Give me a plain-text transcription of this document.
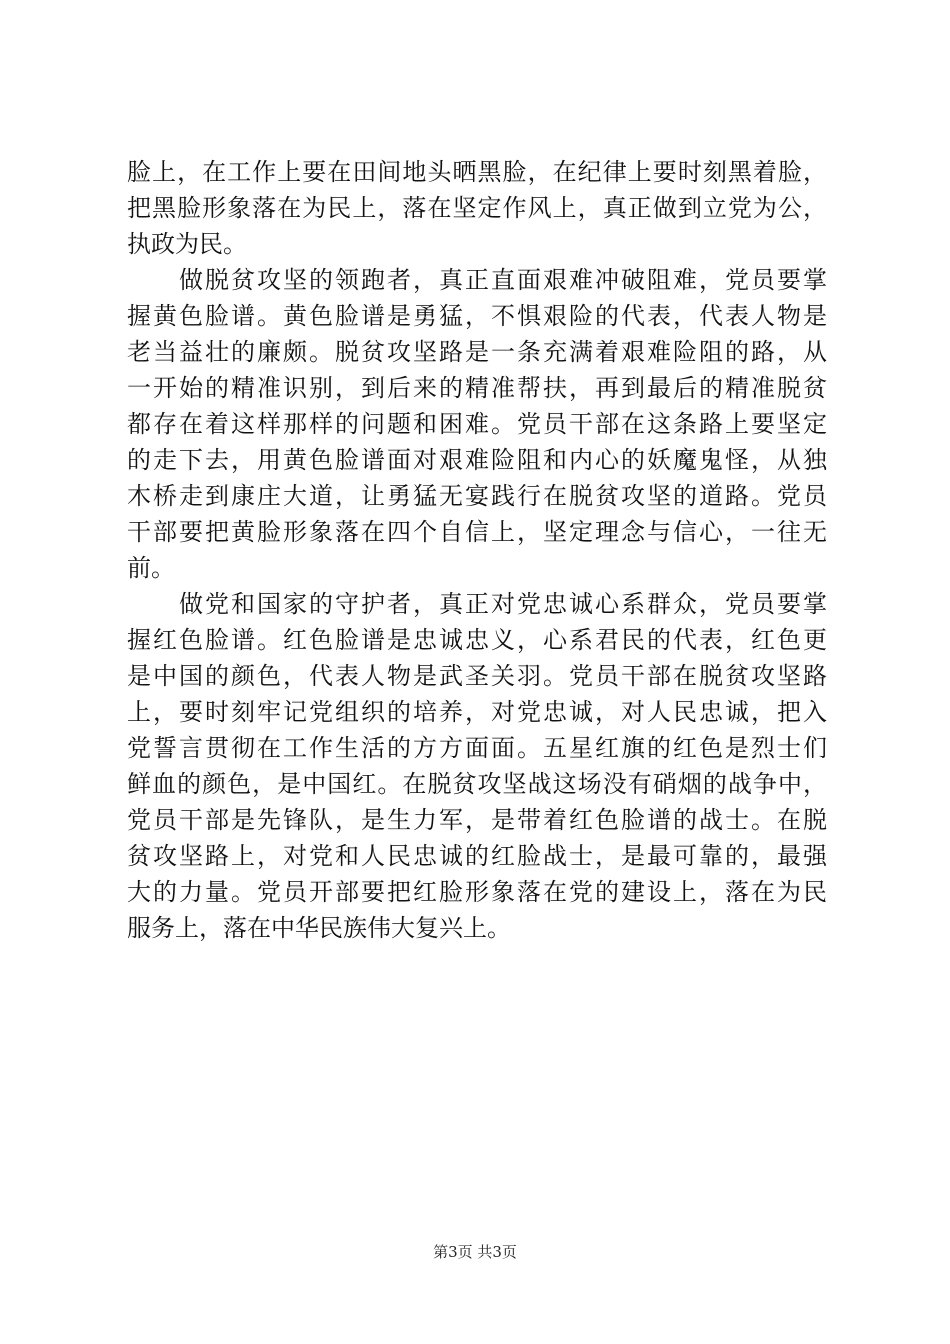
脸上，在工作上要在田间地头晒黑脸，在纪律上要时刻黑着脸，
把黑脸形象落在为民上，落在坚定作风上，真正做到立党为公，
执政为民。
　　做脱贫攻坚的领跑者，真正直面艰难冲破阻难，党员要掌
握黄色脸谱。黄色脸谱是勇猛，不惧艰险的代表，代表人物是
老当益壮的廉颇。脱贫攻坚路是一条充满着艰难险阻的路，从
一开始的精准识别，到后来的精准帮扶，再到最后的精准脱贫
都存在着这样那样的问题和困难。党员干部在这条路上要坚定
的走下去，用黄色脸谱面对艰难险阻和内心的妖魔鬼怪，从独
木桥走到康庄大道，让勇猛无宴践行在脱贫攻坚的道路。党员
干部要把黄脸形象落在四个自信上，坚定理念与信心，一往无
前。
　　做党和国家的守护者，真正对党忠诚心系群众，党员要掌
握红色脸谱。红色脸谱是忠诚忠义，心系君民的代表，红色更
是中国的颜色，代表人物是武圣关羽。党员干部在脱贫攻坚路
上，要时刻牢记党组织的培养，对党忠诚，对人民忠诚，把入
党誓言贯彻在工作生活的方方面面。五星红旗的红色是烈士们
鲜血的颜色，是中国红。在脱贫攻坚战这场没有硝烟的战争中，
党员干部是先锋队，是生力军，是带着红色脸谱的战士。在脱
贫攻坚路上，对党和人民忠诚的红脸战士，是最可靠的，最强
大的力量。党员开部要把红脸形象落在党的建设上，落在为民
服务上，落在中华民族伟大复兴上。
第3页 共3页
